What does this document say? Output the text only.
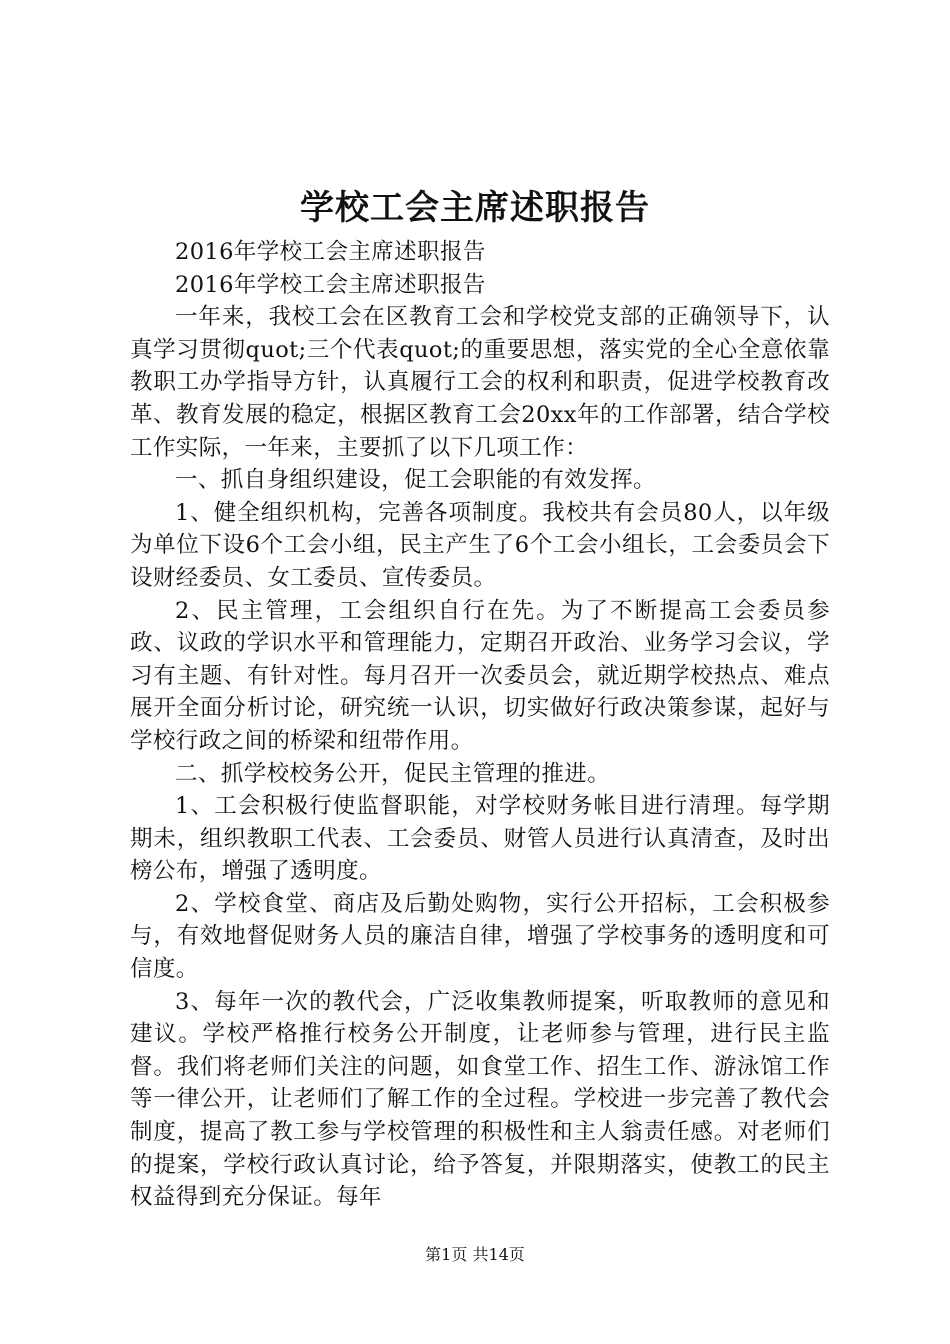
学校工会主席述职报告

2016年学校工会主席述职报告

2016年学校工会主席述职报告

一年来，我校工会在区教育工会和学校党支部的正确领导下，认真学习贯彻quot;三个代表quot;的重要思想，落实党的全心全意依靠教职工办学指导方针，认真履行工会的权利和职责，促进学校教育改革、教育发展的稳定，根据区教育工会20xx年的工作部署，结合学校工作实际，一年来，主要抓了以下几项工作：

一、抓自身组织建设，促工会职能的有效发挥。

1、健全组织机构，完善各项制度。我校共有会员80人，以年级为单位下设6个工会小组，民主产生了6个工会小组长，工会委员会下设财经委员、女工委员、宣传委员。

2、民主管理，工会组织自行在先。为了不断提高工会委员参政、议政的学识水平和管理能力，定期召开政治、业务学习会议，学习有主题、有针对性。每月召开一次委员会，就近期学校热点、难点展开全面分析讨论，研究统一认识，切实做好行政决策参谋，起好与学校行政之间的桥梁和纽带作用。

二、抓学校校务公开，促民主管理的推进。

1、工会积极行使监督职能，对学校财务帐目进行清理。每学期期未，组织教职工代表、工会委员、财管人员进行认真清查，及时出榜公布，增强了透明度。

2、学校食堂、商店及后勤处购物，实行公开招标，工会积极参与，有效地督促财务人员的廉洁自律，增强了学校事务的透明度和可信度。

3、每年一次的教代会，广泛收集教师提案，听取教师的意见和建议。学校严格推行校务公开制度，让老师参与管理，进行民主监督。我们将老师们关注的问题，如食堂工作、招生工作、游泳馆工作等一律公开，让老师们了解工作的全过程。学校进一步完善了教代会制度，提高了教工参与学校管理的积极性和主人翁责任感。对老师们的提案，学校行政认真讨论，给予答复，并限期落实，使教工的民主权益得到充分保证。每年

第1页 共14页
